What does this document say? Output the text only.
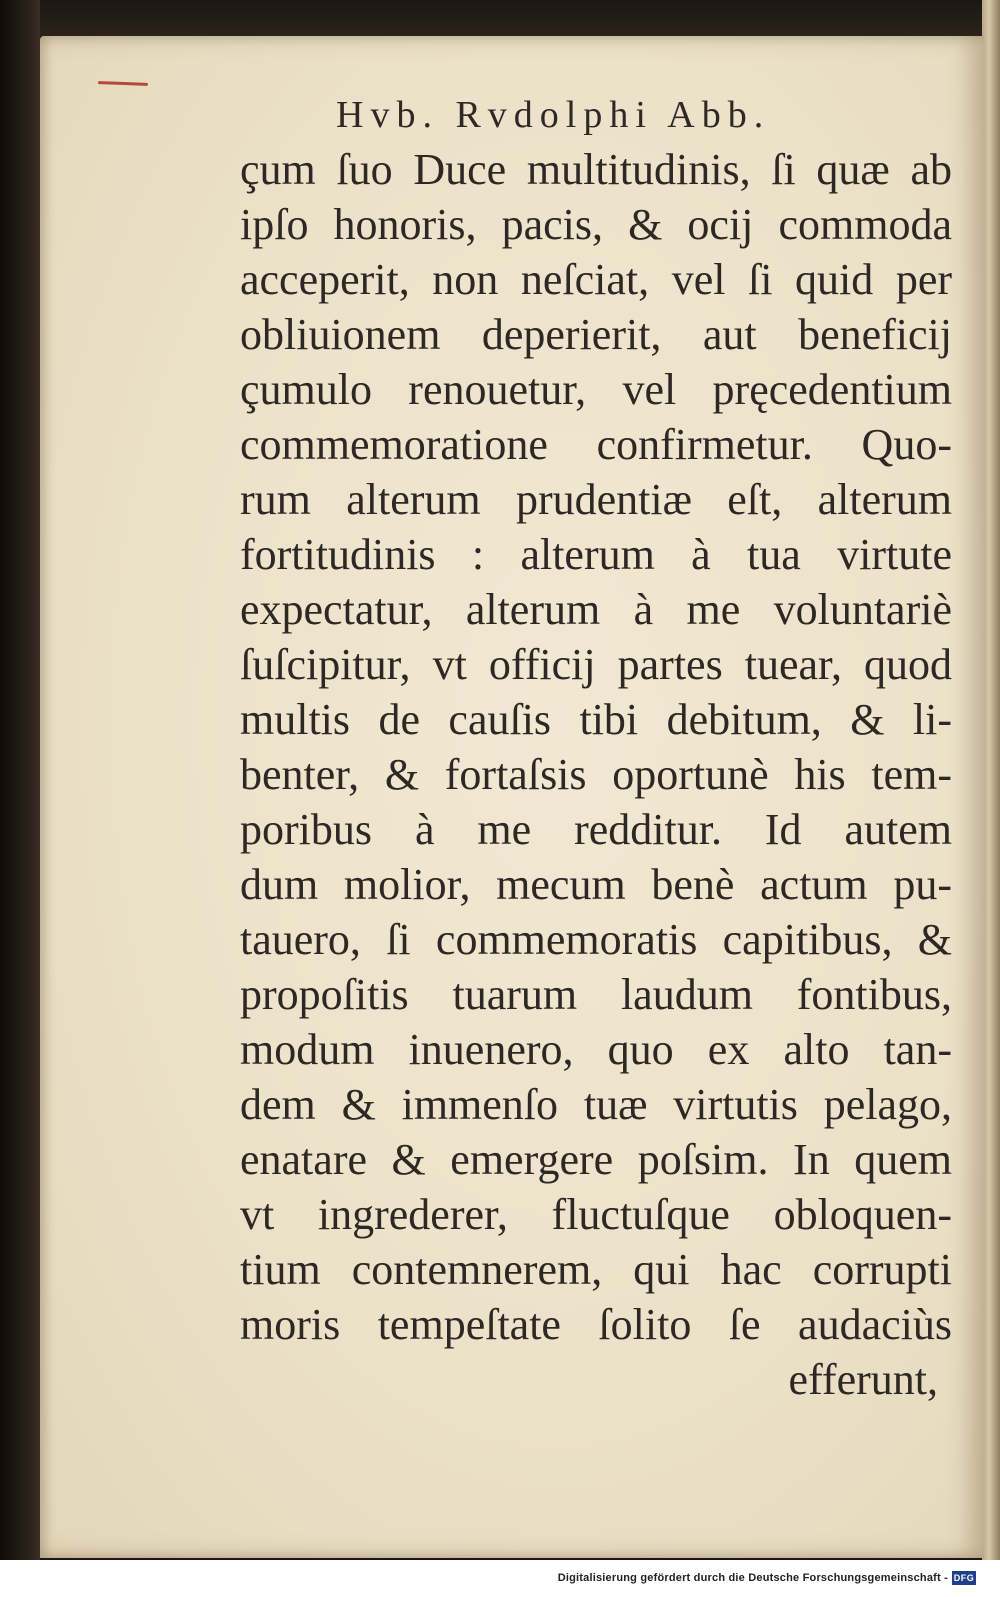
Hvb. Rvdolphi Abb.
çum ſuo Duce multitudinis, ſi quæ ab
ipſo honoris, pacis, & ocij commoda
acceperit, non neſciat, vel ſi quid per
obliuionem deperierit, aut beneficij
çumulo renouetur, vel pręcedentium
commemoratione confirmetur. Quo-
rum alterum prudentiæ eſt, alterum
fortitudinis : alterum à tua virtute
expectatur, alterum à me voluntariè
ſuſcipitur, vt officij partes tuear, quod
multis de cauſis tibi debitum, & li-
benter, & fortaſsis oportunè his tem-
poribus à me redditur. Id autem
dum molior, mecum benè actum pu-
tauero, ſi commemoratis capitibus, &
propoſitis tuarum laudum fontibus,
modum inuenero, quo ex alto tan-
dem & immenſo tuæ virtutis pelago,
enatare & emergere poſsim. In quem
vt ingrederer, fluctuſque obloquen-
tium contemnerem, qui hac corrupti
moris tempeſtate ſolito ſe audaciùs
efferunt,
Digitalisierung gefördert durch die Deutsche Forschungsgemeinschaft - DFG
